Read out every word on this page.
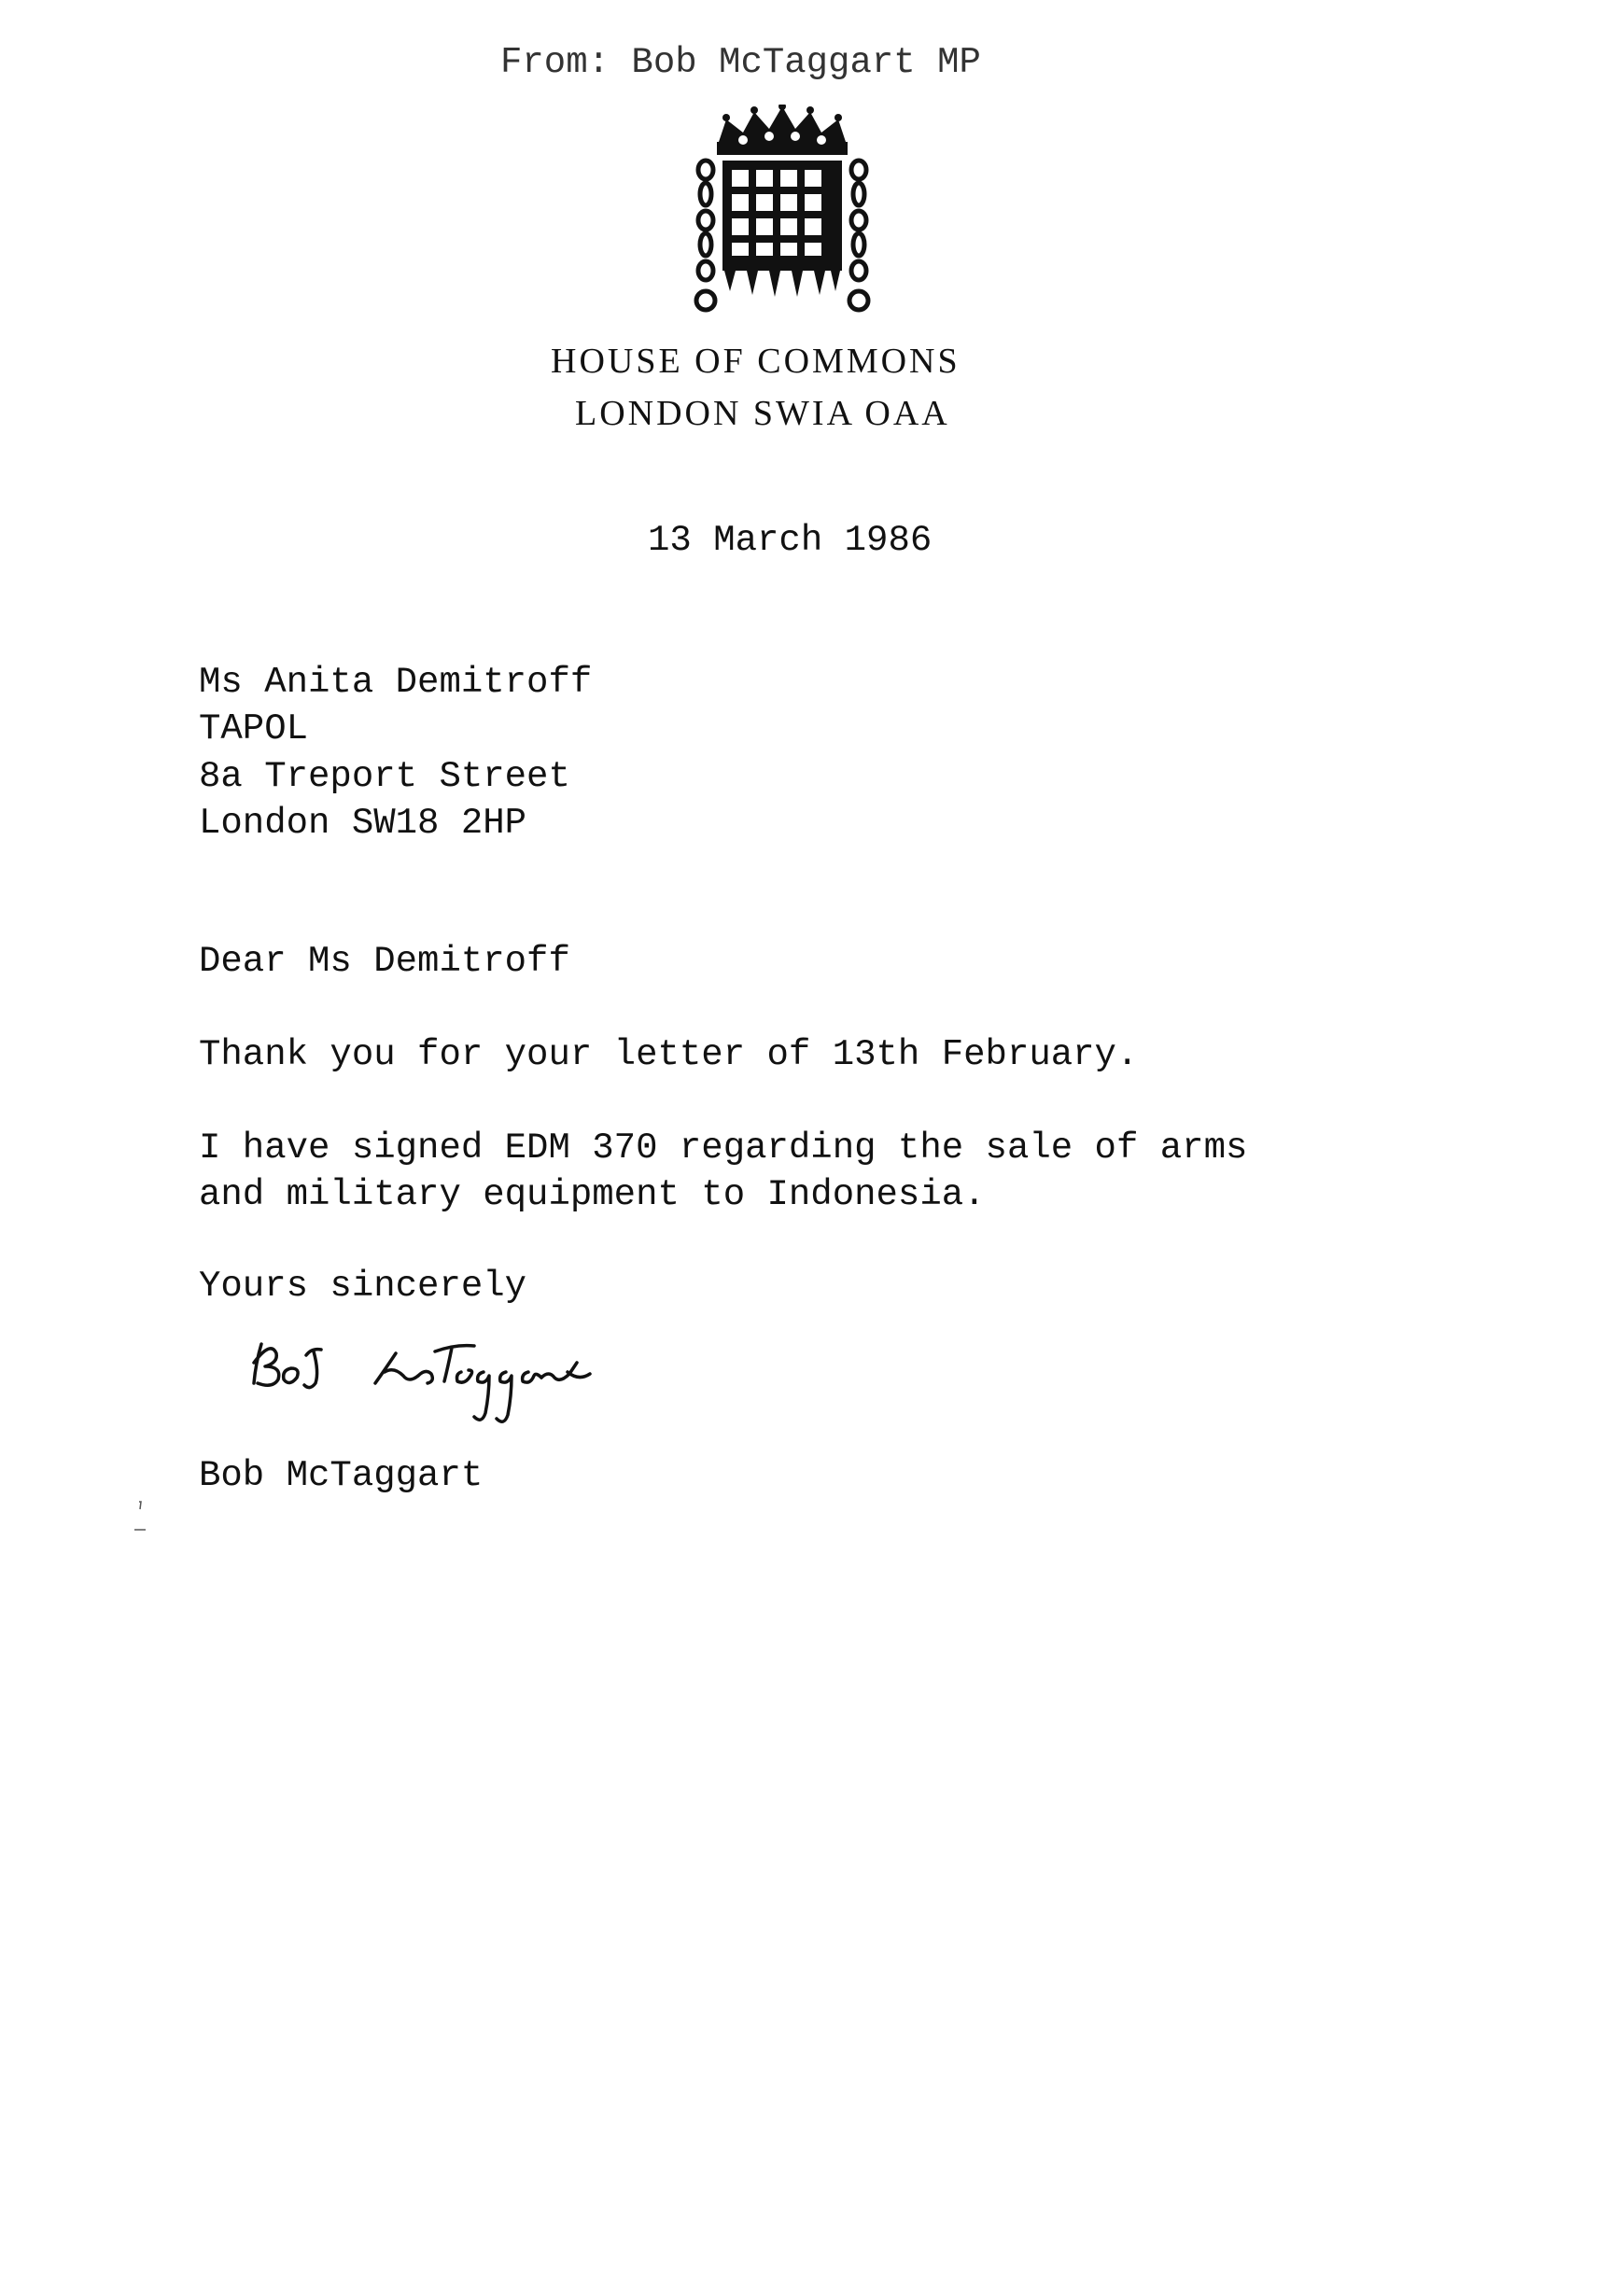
From: Bob McTaggart MP

HOUSE OF COMMONS

LONDON SWIA OAA

13 March 1986

Ms Anita Demitroff

TAPOL

8a Treport Street

London SW18 2HP

Dear Ms Demitroff

Thank you for your letter of 13th February.

I have signed EDM 370 regarding the sale of arms

and military equipment to Indonesia.

Yours sincerely

Bob McTaggart
